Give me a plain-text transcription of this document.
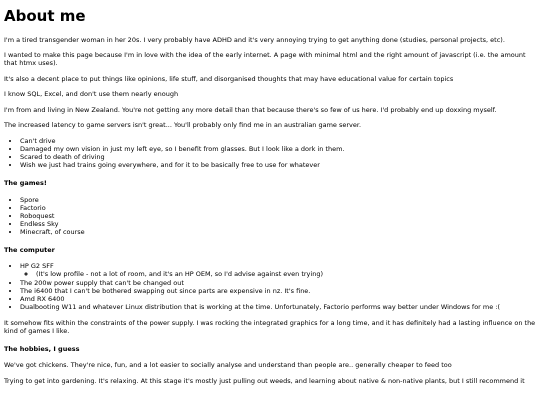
About me

I'm a tired transgender woman in her 20s. I very probably have ADHD and it's very annoying trying to get anything done (studies, personal projects, etc).

I wanted to make this page because I'm in love with the idea of the early internet. A page with minimal html and the right amount of javascript (i.e. the amount that htmx uses).

It's also a decent place to put things like opinions, life stuff, and disorganised thoughts that may have educational value for certain topics

I know SQL, Excel, and don't use them nearly enough

I'm from and living in New Zealand. You're not getting any more detail than that because there's so few of us here. I'd probably end up doxxing myself.

The increased latency to game servers isn't great... You'll probably only find me in an australian game server.

• Can't drive
• Damaged my own vision in just my left eye, so I benefit from glasses. But I look like a dork in them.
• Scared to death of driving
• Wish we just had trains going everywhere, and for it to be basically free to use for whatever
The games!
• Spore
• Factorio
• Roboquest
• Endless Sky
• Minecraft, of course
The computer
• HP G2 SFF
◦ (It's low profile - not a lot of room, and it's an HP OEM, so I'd advise against even trying)
• The 200w power supply that can't be changed out
• The i6400 that I can't be bothered swapping out since parts are expensive in nz. It's fine.
• Amd RX 6400
• Dualbooting W11 and whatever Linux distribution that is working at the time. Unfortunately, Factorio performs way better under Windows for me :(

It somehow fits within the constraints of the power supply. I was rocking the integrated graphics for a long time, and it has definitely had a lasting influence on the kind of games I like.

The hobbies, I guess

We've got chickens. They're nice, fun, and a lot easier to socially analyse and understand than people are.. generally cheaper to feed too

Trying to get into gardening. It's relaxing. At this stage it's mostly just pulling out weeds, and learning about native & non-native plants, but I still recommend it
